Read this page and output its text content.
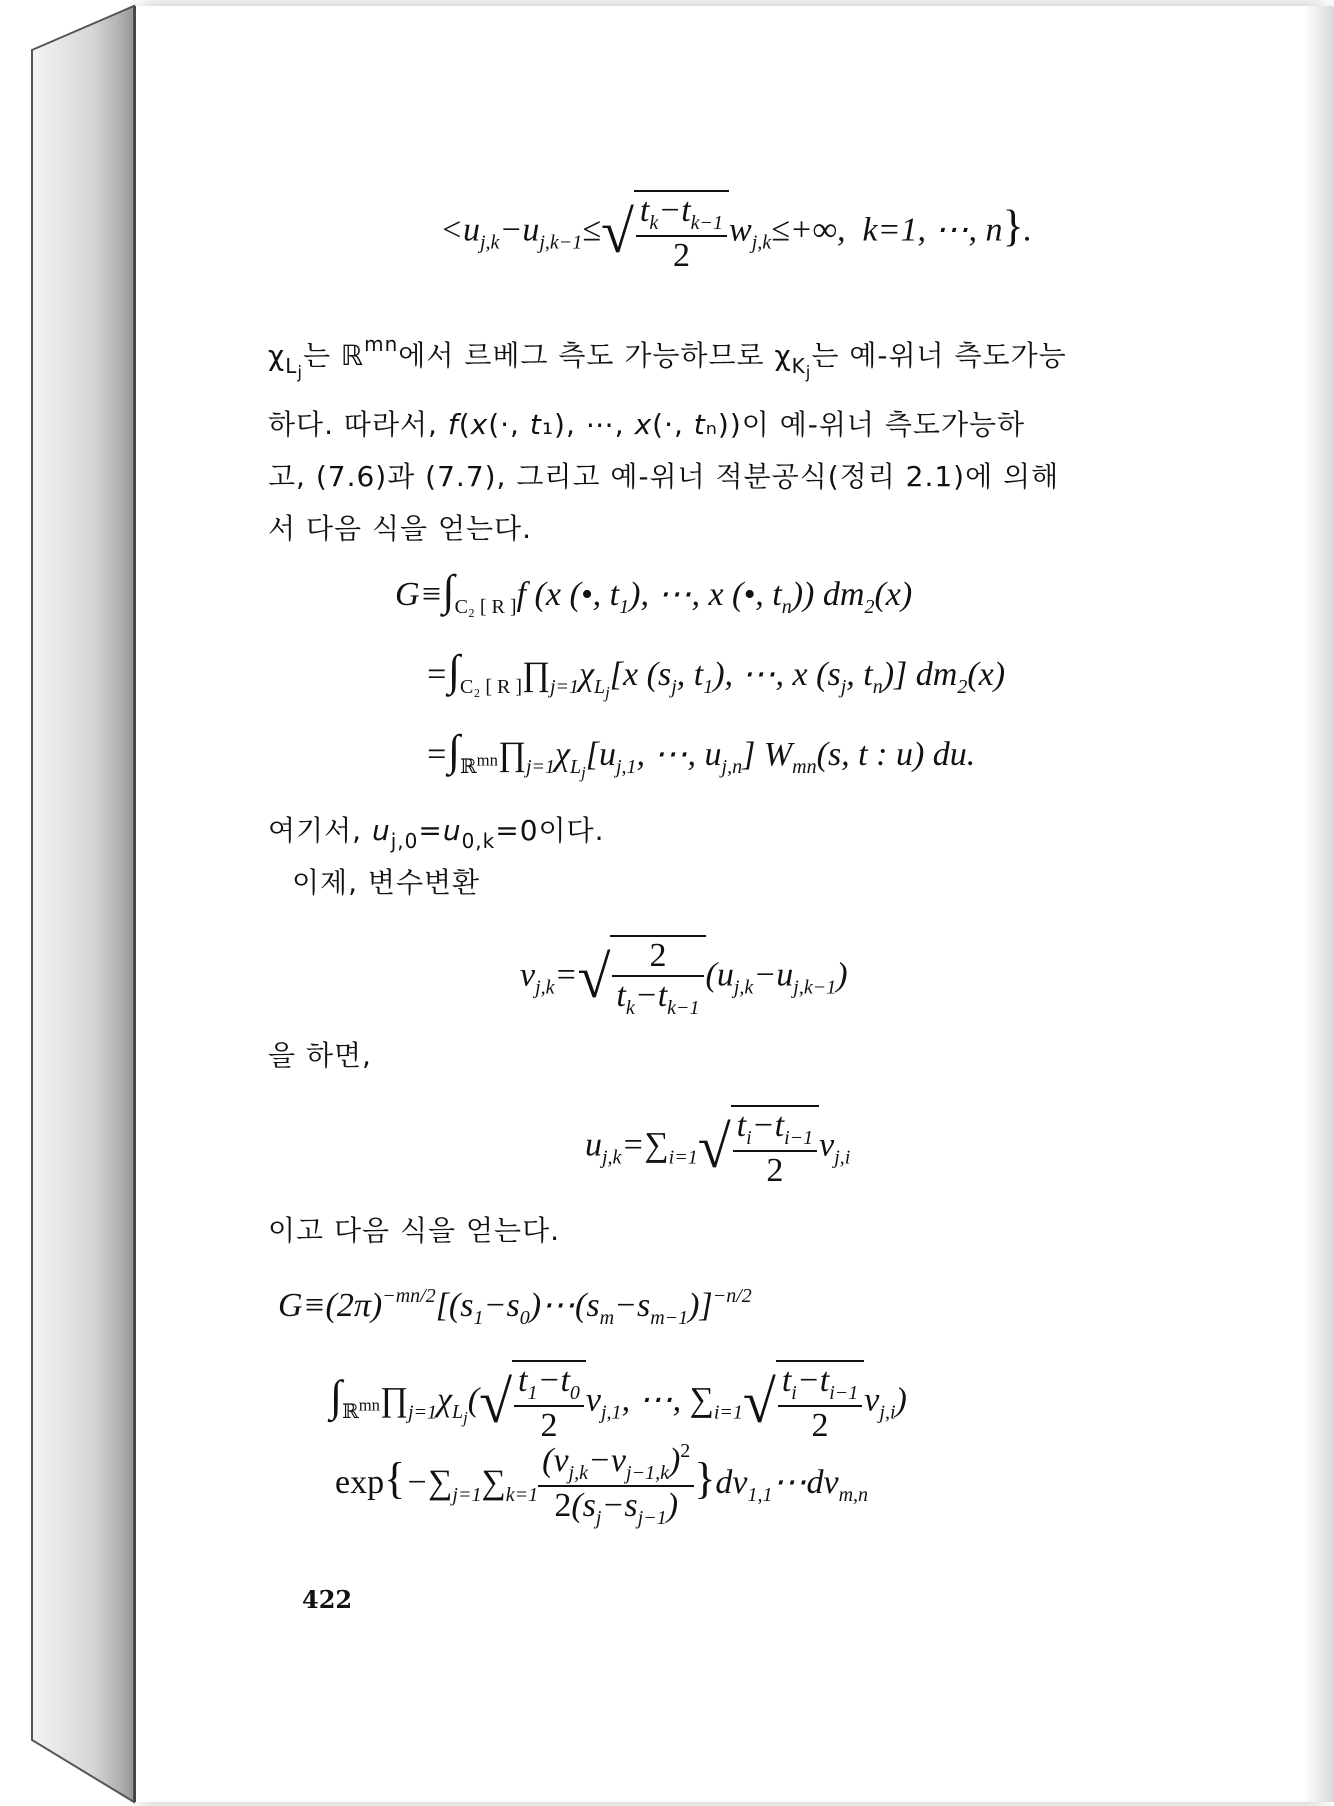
$<u_{j,k}-u_{j,k-1}\le√ \frac{t_k-t_{k-1}}{2} w_{j,k}\le+\infty$,  k=1, ⋯, n}.
$\chi_{L_j}$는 ℝ$^{mn}$에서 르베그 측도 가능하므로 $\chi_{K_j}$는 예-위너 측도가능
하다. 따라서, f(x(·, t₁), ⋯, x(·, tₙ))이 예-위너 측도가능하
고, (7.6)과 (7.7), 그리고 예-위너 적분공식(정리 2.1)에 의해
서 다음 식을 얻는다.
$G\equiv\int_{C_2 [ R ]}f$ (x (•, $t_1$), ⋯, x (•, $t_n$)) $dm_2(x)$
$=\int_{C_2 [ R ]}\prod_{j=1}\chi_{L_j}[x$ ($s_j$, $t_1$), ⋯, x ($s_j$, $t_n$)] $dm_2(x)$
$=\int_{ℝ^{mn}}\prod_{j=1}\chi_{L_j}[u_{j,1}$, ⋯, $u_{j,n}$] $W_{mn}(s$, t : u) du.
여기서, $u_{j,0}=u_{0,k}=0$이다.
이제, 변수변환
$v_{j,k}=√ \frac{2}{t_k-t_{k-1}} (u_{j,k}-u_{j,k-1})$
을 하면,
$u_{j,k}=\sum_{i=1}√ \frac{t_i-t_{i-1}}{2} v_{j,i}$
이고 다음 식을 얻는다.
$G\equiv(2\pi)^{-mn/2}[(s_1-s_0)\cdots(s_m-s_{m-1})]^{-n/2}$
$\int_{ℝ^{mn}}\prod_{j=1}\chi_{L_j}(√ \frac{t_1-t_0}{2} v_{j,1}$, ⋯, $\sum_{i=1}√ \frac{t_i-t_{i-1}}{2} v_{j,i}$)
$\exp\{-\sum_{j=1}\sum_{k=1} \frac{(v_{j,k}-v_{j-1,k})^2}{2(s_j-s_{j-1})}$ }$dv_{1,1}\cdots dv_{m,n}$
422
